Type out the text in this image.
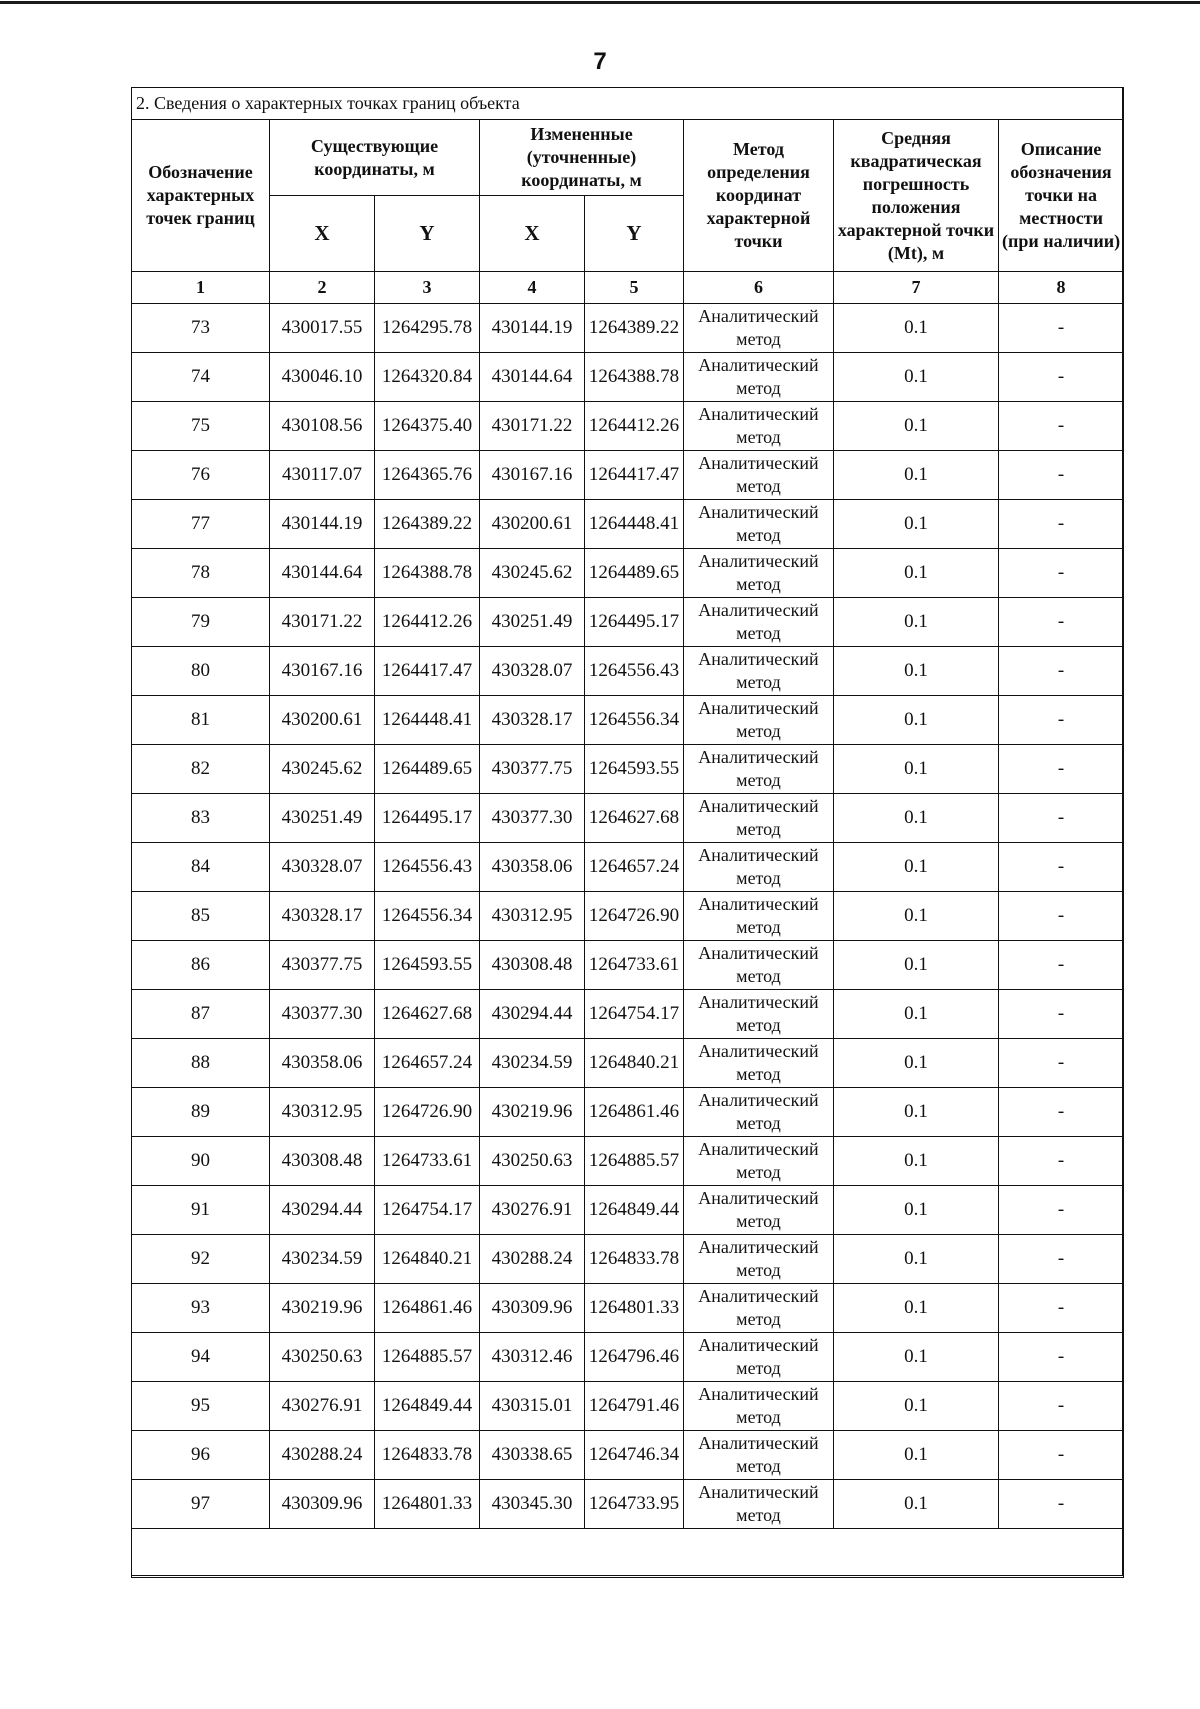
7
2. Сведения о характерных точках границ объекта							
Обозначение характерных точек границ	Существующие координаты, м		Измененные (уточненные) координаты, м		Метод определения координат характерной точки	Средняя квадратическая погрешность положения характерной точки (Mt), м	Описание обозначения точки на местности (при наличии)
	X	Y	X	Y			
1	2	3	4	5	6	7	8
73	430017.55	1264295.78	430144.19	1264389.22	Аналитический метод	0.1	-
74	430046.10	1264320.84	430144.64	1264388.78	Аналитический метод	0.1	-
75	430108.56	1264375.40	430171.22	1264412.26	Аналитический метод	0.1	-
76	430117.07	1264365.76	430167.16	1264417.47	Аналитический метод	0.1	-
77	430144.19	1264389.22	430200.61	1264448.41	Аналитический метод	0.1	-
78	430144.64	1264388.78	430245.62	1264489.65	Аналитический метод	0.1	-
79	430171.22	1264412.26	430251.49	1264495.17	Аналитический метод	0.1	-
80	430167.16	1264417.47	430328.07	1264556.43	Аналитический метод	0.1	-
81	430200.61	1264448.41	430328.17	1264556.34	Аналитический метод	0.1	-
82	430245.62	1264489.65	430377.75	1264593.55	Аналитический метод	0.1	-
83	430251.49	1264495.17	430377.30	1264627.68	Аналитический метод	0.1	-
84	430328.07	1264556.43	430358.06	1264657.24	Аналитический метод	0.1	-
85	430328.17	1264556.34	430312.95	1264726.90	Аналитический метод	0.1	-
86	430377.75	1264593.55	430308.48	1264733.61	Аналитический метод	0.1	-
87	430377.30	1264627.68	430294.44	1264754.17	Аналитический метод	0.1	-
88	430358.06	1264657.24	430234.59	1264840.21	Аналитический метод	0.1	-
89	430312.95	1264726.90	430219.96	1264861.46	Аналитический метод	0.1	-
90	430308.48	1264733.61	430250.63	1264885.57	Аналитический метод	0.1	-
91	430294.44	1264754.17	430276.91	1264849.44	Аналитический метод	0.1	-
92	430234.59	1264840.21	430288.24	1264833.78	Аналитический метод	0.1	-
93	430219.96	1264861.46	430309.96	1264801.33	Аналитический метод	0.1	-
94	430250.63	1264885.57	430312.46	1264796.46	Аналитический метод	0.1	-
95	430276.91	1264849.44	430315.01	1264791.46	Аналитический метод	0.1	-
96	430288.24	1264833.78	430338.65	1264746.34	Аналитический метод	0.1	-
97	430309.96	1264801.33	430345.30	1264733.95	Аналитический метод	0.1	-
